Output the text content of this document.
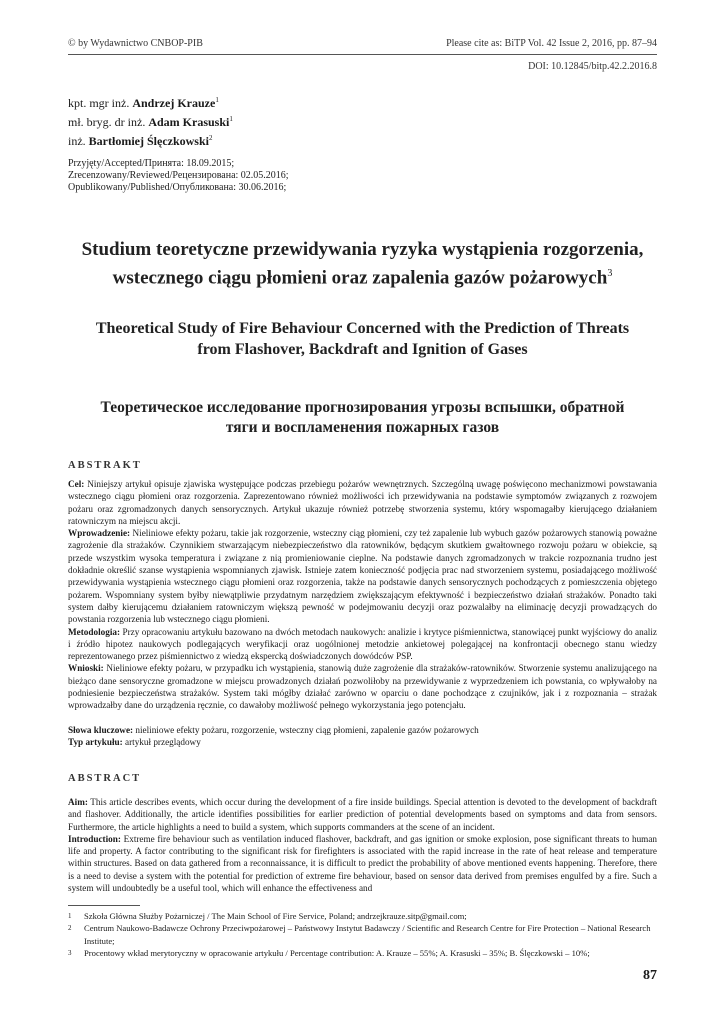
© by Wydawnictwo CNBOP-PIB	Please cite as: BiTP Vol. 42 Issue 2, 2016, pp. 87–94
DOI: 10.12845/bitp.42.2.2016.8
kpt. mgr inż. Andrzej Krauze$^1$
mł. bryg. dr inż. Adam Krasuski$^1$
inż. Bartłomiej Ślęczkowski$^2$
Przyjęty/Accepted/Принята: 18.09.2015;
Zrecenzowany/Reviewed/Рецензирована: 02.05.2016;
Opublikowany/Published/Опубликована: 30.06.2016;
Studium teoretyczne przewidywania ryzyka wystąpienia rozgorzenia,
wstecznego ciągu płomieni oraz zapalenia gazów pożarowych$^3$
Theoretical Study of Fire Behaviour Concerned with the Prediction of Threats
from Flashover, Backdraft and Ignition of Gases
Теоретическое исследование прогнозирования угрозы вспышки, обратной
тяги и воспламенения пожарных газов
ABSTRAKT

Cel: Niniejszy artykuł opisuje zjawiska występujące podczas przebiegu pożarów wewnętrznych. Szczególną uwagę poświęcono mechanizmowi powstawania wstecznego ciągu płomieni oraz rozgorzenia. Zaprezentowano również możliwości ich przewidywania na podstawie symptomów związanych z rozwojem pożaru oraz zgromadzonych danych sensorycznych. Artykuł ukazuje również potrzebę stworzenia systemu, który wspomagałby kierującego działaniem ratowniczym na miejscu akcji.

Wprowadzenie: Nieliniowe efekty pożaru, takie jak rozgorzenie, wsteczny ciąg płomieni, czy też zapalenie lub wybuch gazów pożarowych stanowią poważne zagrożenie dla strażaków. Czynnikiem stwarzającym niebezpieczeństwo dla ratowników, będącym skutkiem gwałtownego rozwoju pożaru w obiekcie, są przede wszystkim wysoka temperatura i związane z nią promieniowanie cieplne. Na podstawie danych zgromadzonych w trakcie rozpoznania trudno jest dokładnie określić szanse wystąpienia wspomnianych zjawisk. Istnieje zatem konieczność podjęcia prac nad stworzeniem systemu, posiadającego możliwość przewidywania wystąpienia wstecznego ciągu płomieni oraz rozgorzenia, także na podstawie danych sensorycznych pochodzących z pomieszczenia objętego pożarem. Wspomniany system byłby niewątpliwie przydatnym narzędziem zwiększającym efektywność i bezpieczeństwo działań strażaków. Ponadto taki system dałby kierującemu działaniem ratowniczym większą pewność w podejmowaniu decyzji oraz pozwalałby na eliminację decyzji prowadzących do powstania rozgorzenia lub wstecznego ciągu płomieni.

Metodologia: Przy opracowaniu artykułu bazowano na dwóch metodach naukowych: analizie i krytyce piśmiennictwa, stanowiącej punkt wyjściowy do analiz i źródło hipotez naukowych podlegających weryfikacji oraz uogólnionej metodzie ankietowej polegającej na konfrontacji obecnego stanu wiedzy reprezentowanego przez piśmiennictwo z wiedzą ekspercką doświadczonych dowódców PSP.

Wnioski: Nieliniowe efekty pożaru, w przypadku ich wystąpienia, stanowią duże zagrożenie dla strażaków-ratowników. Stworzenie systemu analizującego na bieżąco dane sensoryczne gromadzone w miejscu prowadzonych działań pozwoliłoby na przewidywanie z wyprzedzeniem ich powstania, co wpływałoby na podniesienie bezpieczeństwa strażaków. System taki mógłby działać zarówno w oparciu o dane pochodzące z czujników, jak i z rozpoznania – strażak wprowadzałby dane do urządzenia ręcznie, co dawałoby możliwość pełnego wykorzystania jego potencjału.

Słowa kluczowe: nieliniowe efekty pożaru, rozgorzenie, wsteczny ciąg płomieni, zapalenie gazów pożarowych

Typ artykułu: artykuł przeglądowy

ABSTRACT

Aim: This article describes events, which occur during the development of a fire inside buildings. Special attention is devoted to the development of backdraft and flashover. Additionally, the article identifies possibilities for earlier prediction of potential developments based on symptoms and data from sensors. Furthermore, the article highlights a need to build a system, which supports commanders at the scene of an incident.

Introduction: Extreme fire behaviour such as ventilation induced flashover, backdraft, and gas ignition or smoke explosion, pose significant threats to human life and property. A factor contributing to the significant risk for firefighters is associated with the rapid increase in the rate of heat release and temperature within structures. Based on data gathered from a reconnaissance, it is difficult to predict the probability of above mentioned events happening. Therefore, there is a need to devise a system with the potential for prediction of extreme fire behaviour, based on sensor data derived from premises engulfed by a fire. Such a system will undoubtedly be a useful tool, which will enhance the effectiveness and

1	Szkoła Główna Służby Pożarniczej / The Main School of Fire Service, Poland; andrzejkrauze.sitp@gmail.com;
2	Centrum Naukowo-Badawcze Ochrony Przeciwpożarowej – Państwowy Instytut Badawczy / Scientific and Research Centre for Fire Protection – National Research Institute;
3	Procentowy wkład merytoryczny w opracowanie artykułu / Percentage contribution: A. Krauze – 55%; A. Krasuski – 35%; B. Ślęczkowski – 10%;
87
